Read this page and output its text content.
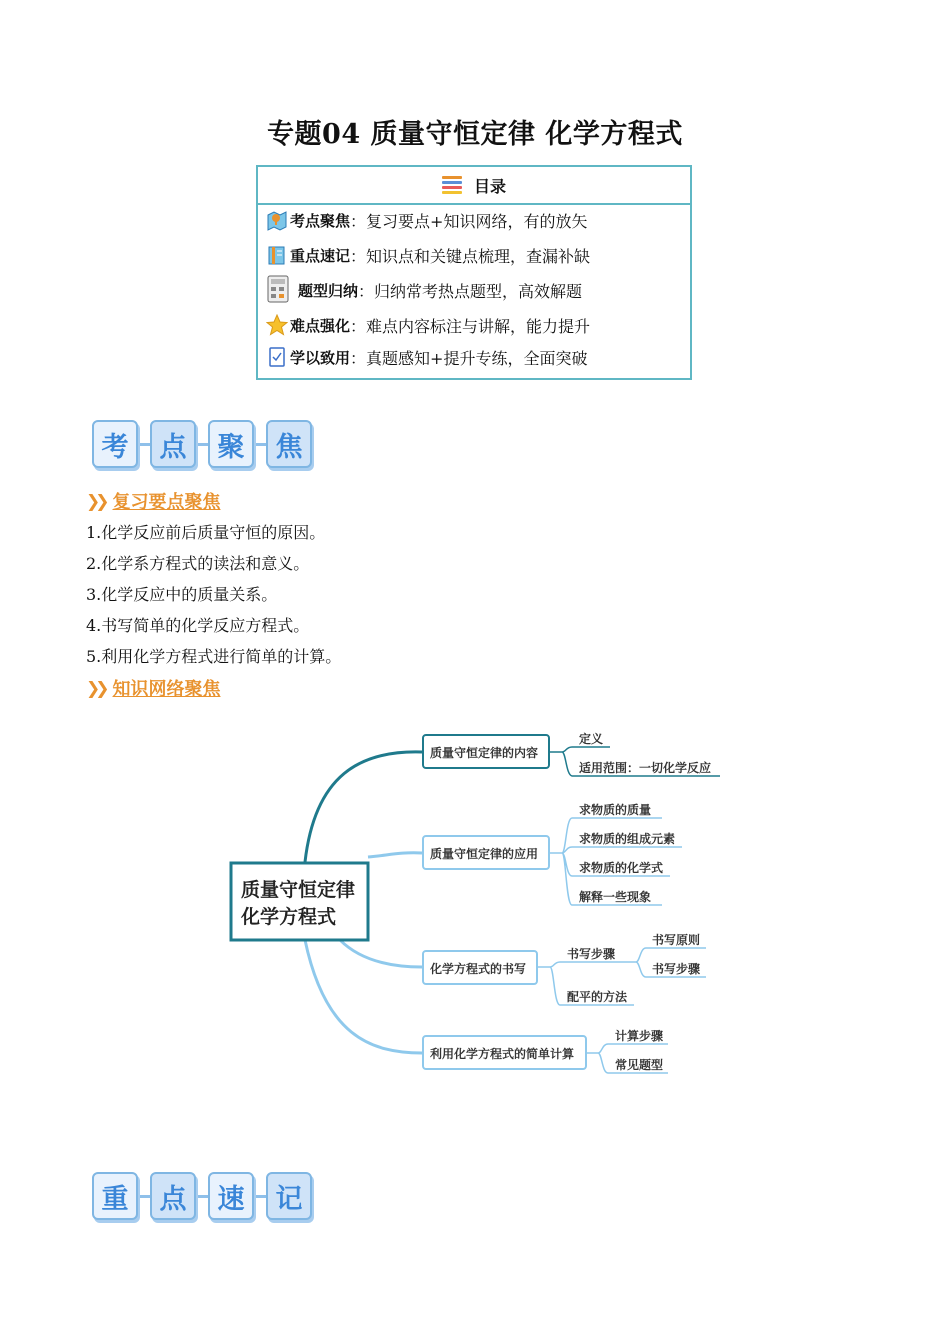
专题04 质量守恒定律 化学方程式
目录
考点聚焦 ： 复习要点+知识网络，有的放矢
重点速记 ： 知识点和关键点梳理，查漏补缺
题型归纳 ： 归纳常考热点题型，高效解题
难点强化 ： 难点内容标注与讲解，能力提升
学以致用 ： 真题感知+提升专练，全面突破
考	点	聚	焦
❯❯ 复习要点聚焦
1.化学反应前后质量守恒的原因。
2.化学系方程式的读法和意义。
3.化学反应中的质量关系。
4.书写简单的化学反应方程式。
5.利用化学方程式进行简单的计算。
❯❯ 知识网络聚焦
质量守恒定律
化学方程式
质量守恒定律的内容
定义
适用范围：一切化学反应
质量守恒定律的应用
求物质的质量
求物质的组成元素
求物质的化学式
解释一些现象
化学方程式的书写
书写步骤
配平的方法
书写原则
书写步骤
利用化学方程式的简单计算
计算步骤
常见题型
重	点	速	记
